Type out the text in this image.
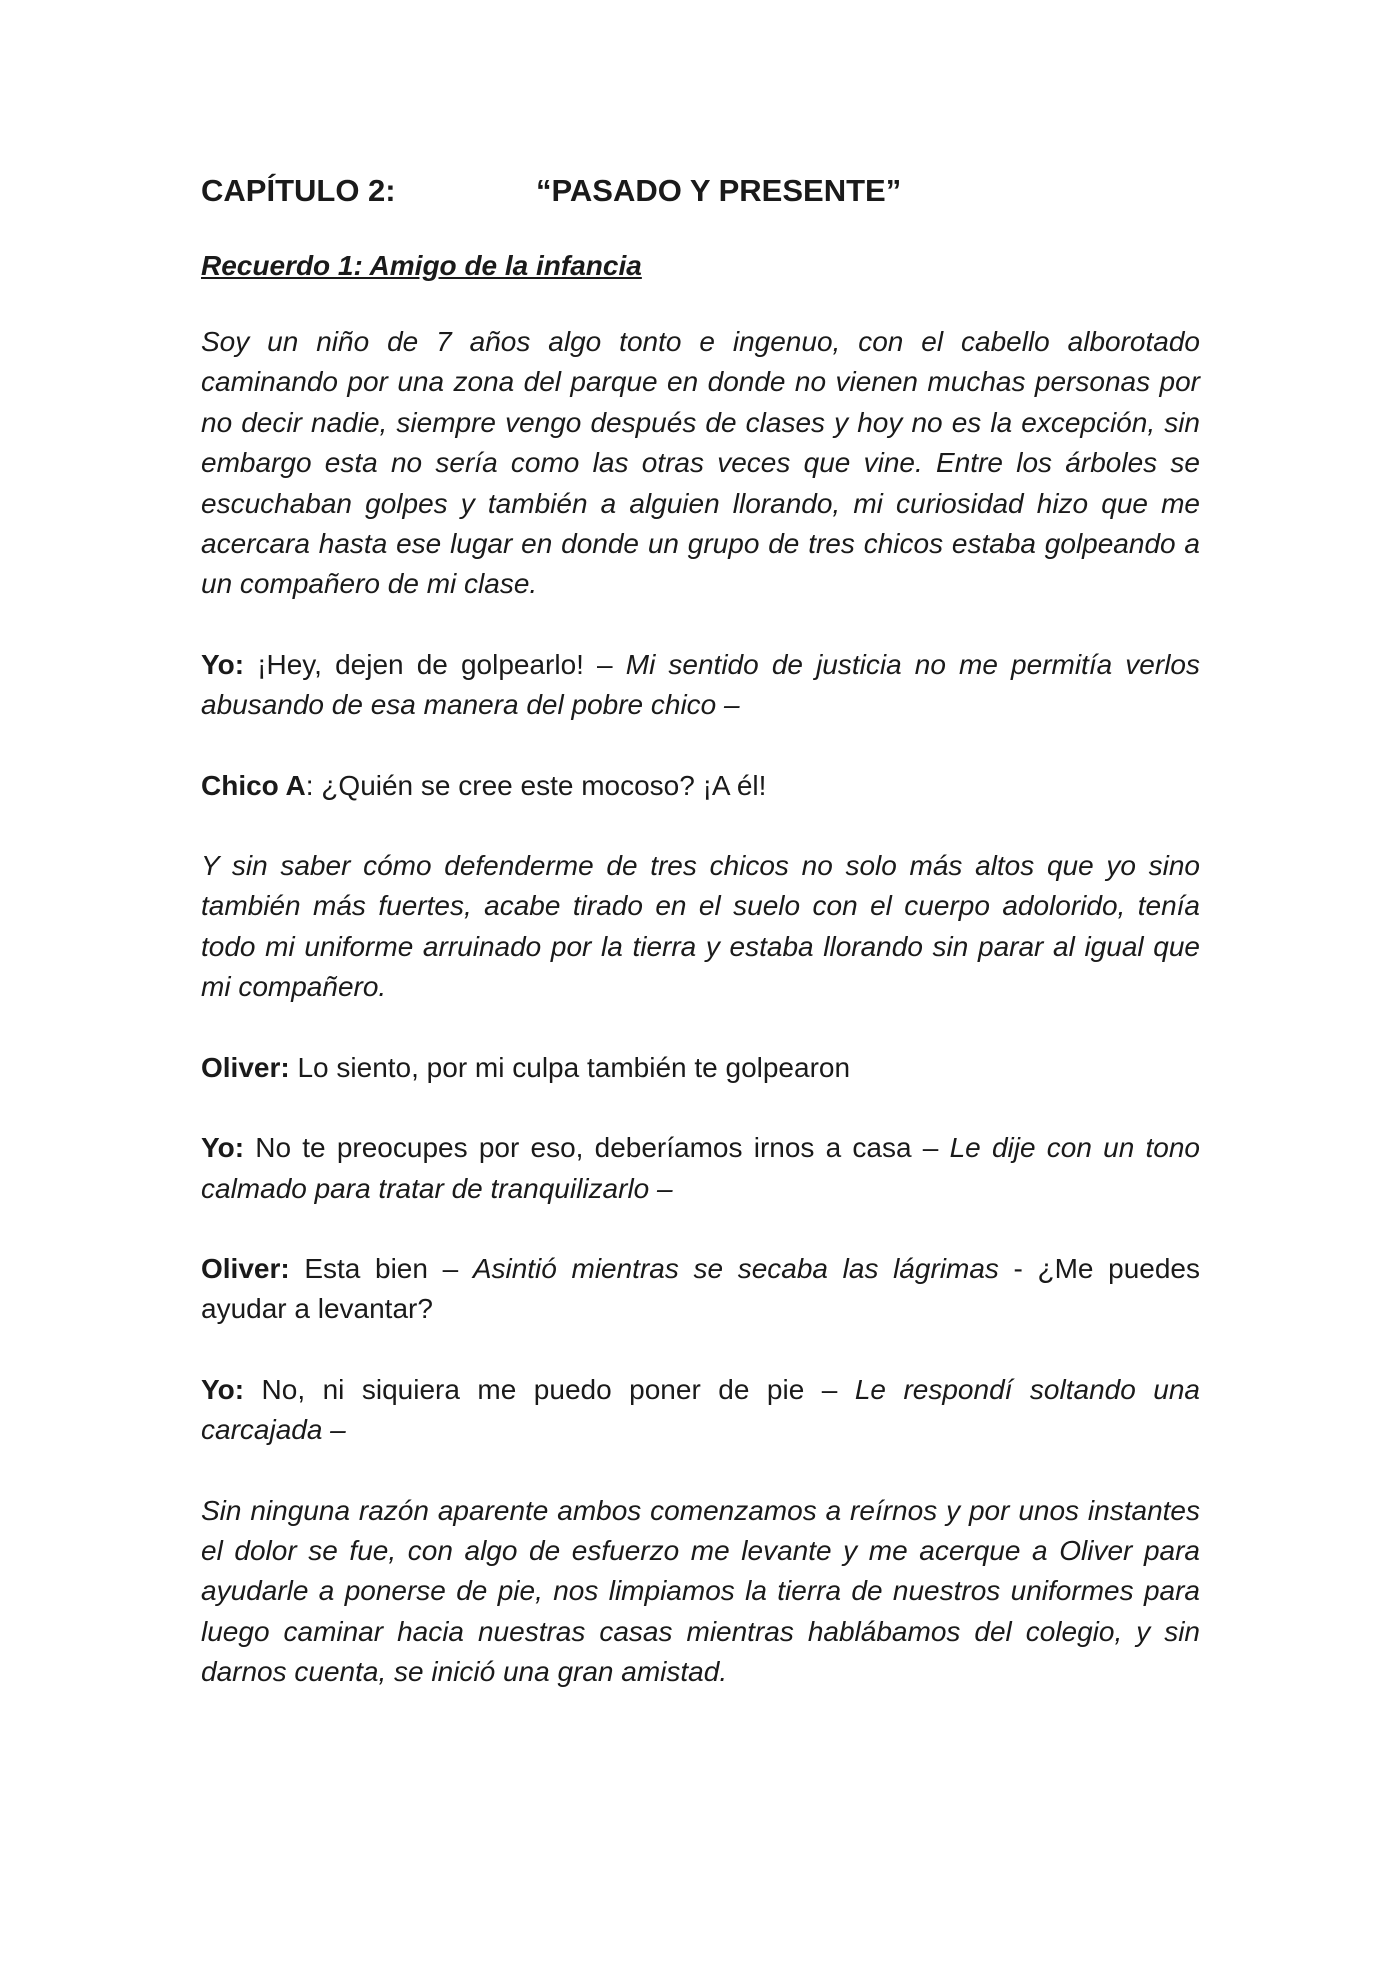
CAPÍTULO 2:	“PASADO Y PRESENTE”
Recuerdo 1: Amigo de la infancia

Soy un niño de 7 años algo tonto e ingenuo, con el cabello alborotado caminando por una zona del parque en donde no vienen muchas personas por no decir nadie, siempre vengo después de clases y hoy no es la excepción, sin embargo esta no sería como las otras veces que vine. Entre los árboles se escuchaban golpes y también a alguien llorando, mi curiosidad hizo que me acercara hasta ese lugar en donde un grupo de tres chicos estaba golpeando a un compañero de mi clase.

Yo: ¡Hey, dejen de golpearlo! – Mi sentido de justicia no me permitía verlos abusando de esa manera del pobre chico –

Chico A: ¿Quién se cree este mocoso? ¡A él!

Y sin saber cómo defenderme de tres chicos no solo más altos que yo sino también más fuertes, acabe tirado en el suelo con el cuerpo adolorido, tenía todo mi uniforme arruinado por la tierra y estaba llorando sin parar al igual que mi compañero.

Oliver: Lo siento, por mi culpa también te golpearon

Yo: No te preocupes por eso, deberíamos irnos a casa – Le dije con un tono calmado para tratar de tranquilizarlo –

Oliver: Esta bien – Asintió mientras se secaba las lágrimas - ¿Me puedes ayudar a levantar?

Yo: No, ni siquiera me puedo poner de pie – Le respondí soltando una carcajada –

Sin ninguna razón aparente ambos comenzamos a reírnos y por unos instantes el dolor se fue, con algo de esfuerzo me levante y me acerque a Oliver para ayudarle a ponerse de pie, nos limpiamos la tierra de nuestros uniformes para luego caminar hacia nuestras casas mientras hablábamos del colegio, y sin darnos cuenta, se inició una gran amistad.
